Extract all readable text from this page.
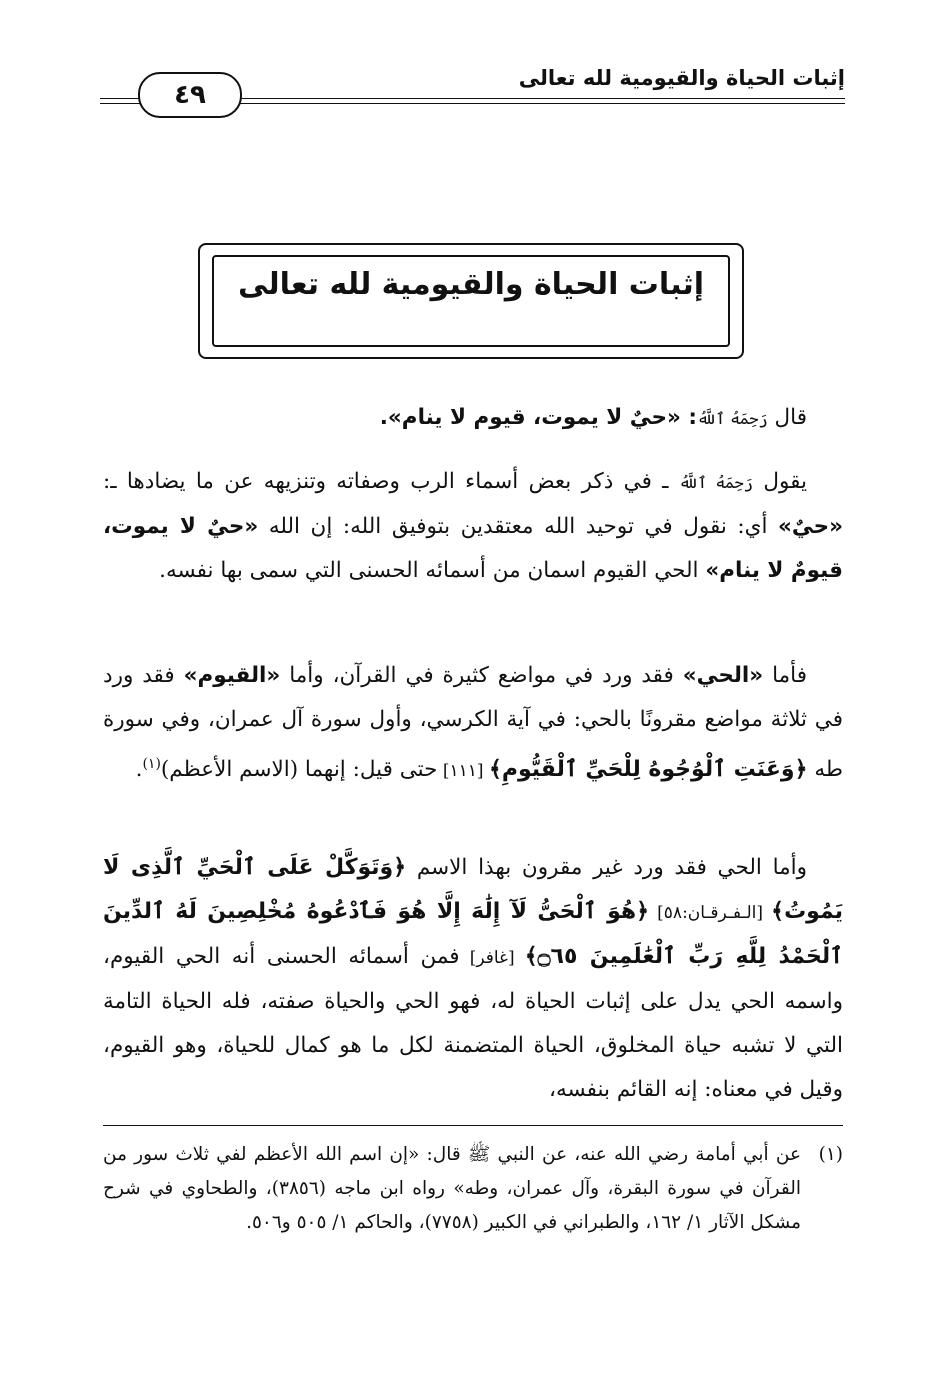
٤٩
إثبات الحياة والقيومية لله تعالى
إثبات الحياة والقيومية لله تعالى

قال رَحِمَهُ ٱللَّهُ: «حيٌ لا يموت، قيوم لا ينام».

يقول رَحِمَهُ ٱللَّهُ ـ في ذكر بعض أسماء الرب وصفاته وتنزيهه عن ما يضادها ـ: «حيٌ» أي: نقول في توحيد الله معتقدين بتوفيق الله: إن الله «حيٌ لا يموت، قيومٌ لا ينام» الحي القيوم اسمان من أسمائه الحسنى التي سمى بها نفسه.

فأما «الحي» فقد ورد في مواضع كثيرة في القرآن، وأما «القيوم» فقد ورد في ثلاثة مواضع مقرونًا بالحي: في آية الكرسي، وأول سورة آل عمران، وفي سورة طه ﴿وَعَنَتِ ٱلْوُجُوهُ لِلْحَيِّ ٱلْقَيُّومِ﴾ [١١١] حتى قيل: إنهما (الاسم الأعظم)$^{(١)}$.

وأما الحي فقد ورد غير مقرون بهذا الاسم ﴿وَتَوَكَّلْ عَلَى ٱلْحَيِّ ٱلَّذِى لَا يَمُوتُ﴾ [الـفـرقـان:٥٨] ﴿هُوَ ٱلْحَىُّ لَآ إِلَٰهَ إِلَّا هُوَ فَٱدْعُوهُ مُخْلِصِينَ لَهُ ٱلدِّينَ ٱلْحَمْدُ لِلَّهِ رَبِّ ٱلْعَٰلَمِينَ ۝٦٥﴾ [غافر] فمن أسمائه الحسنى أنه الحي القيوم، واسمه الحي يدل على إثبات الحياة له، فهو الحي والحياة صفته، فله الحياة التامة التي لا تشبه حياة المخلوق، الحياة المتضمنة لكل ما هو كمال للحياة، وهو القيوم، وقيل في معناه: إنه القائم بنفسه،

(١)

عن أبي أمامة رضي الله عنه، عن النبي ﷺ قال: «إن اسم الله الأعظم لفي ثلاث سور من القرآن في سورة البقرة، وآل عمران، وطه» رواه ابن ماجه (٣٨٥٦)، والطحاوي في شرح مشكل الآثار ١/ ١٦٢، والطبراني في الكبير (٧٧٥٨)، والحاكم ١/ ٥٠٥ و٥٠٦.
